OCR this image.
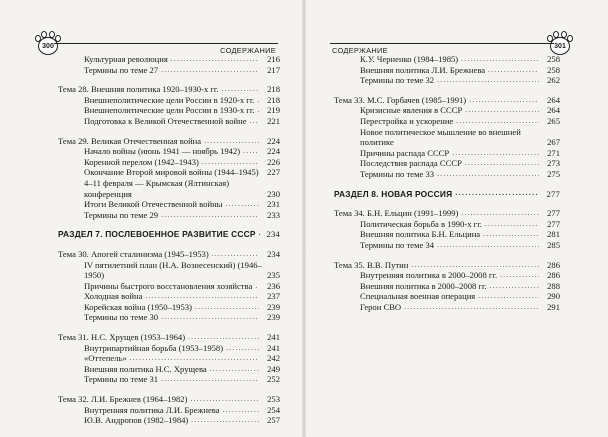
300	СОДЕРЖАНИЕ
Культурная революция .....	216
Термины по теме 27 .....	217
Тема 28. Внешняя политика 1920–1930-х гг. .....	218
Внешнеполитические цели России в 1920-х гг. .....	218
Внешнеполитические цели России в 1930-х гг. .....	219
Подготовка к Великой Отечественной войне .....	221
Тема 29. Великая Отечественная война .....	224
Начало войны (июнь 1941 — ноябрь 1942) .....	224
Коренной перелом (1942–1943) .....	226
Окончание Второй мировой войны (1944–1945) 227
4–11 февраля — Крымская (Ялтинская) конференция	230
Итоги Великой Отечественной войны .....	231
Термины по теме 29 .....	233
РАЗДЕЛ 7. ПОСЛЕВОЕННОЕ РАЗВИТИЕ СССР .....	234
Тема 30. Апогей сталинизма (1945–1953) .....	234
IV пятилетний план (Н.А. Вознесенский) (1946–1950)	235
Причины быстрого восстановления хозяйства .....	236
Холодная война .....	237
Корейская война (1950–1953) .....	239
Термины по теме 30 .....	239
Тема 31. Н.С. Хрущев (1953–1964) .....	241
Внутрипартийная борьба (1953–1958) .....	241
«Оттепель» .....	242
Внешняя политика Н.С. Хрущева .....	249
Термины по теме 31 .....	252
Тема 32. Л.И. Брежнев (1964–1982) .....	253
Внутренняя политика Л.И. Брежнева .....	254
Ю.В. Андропов (1982–1984) .....	257
301
СОДЕРЖАНИЕ
К.У. Черненко (1984–1985) .....	258
Внешняя политика Л.И. Брежнева .....	258
Термины по теме 32 .....	262
Тема 33. М.С. Горбачев (1985–1991) .....	264
Кризисные явления в СССР .....	264
Перестройка и ускорение .....	265
Новое политическое мышление во внешней политике	267
Причины распада СССР .....	271
Последствия распада СССР .....	273
Термины по теме 33 .....	275
РАЗДЕЛ 8. НОВАЯ РОССИЯ .....	277
Тема 34. Б.Н. Ельцин (1991–1999) .....	277
Политическая борьба в 1990-х гг. .....	277
Внешняя политика Б.Н. Ельцина .....	281
Термины по теме 34 .....	285
Тема 35. В.В. Путин .....	286
Внутренняя политика в 2000–2008 гг. .....	286
Внешняя политика в 2000–2008 гг. .....	288
Специальная военная операция .....	290
Герои СВО .....	291
